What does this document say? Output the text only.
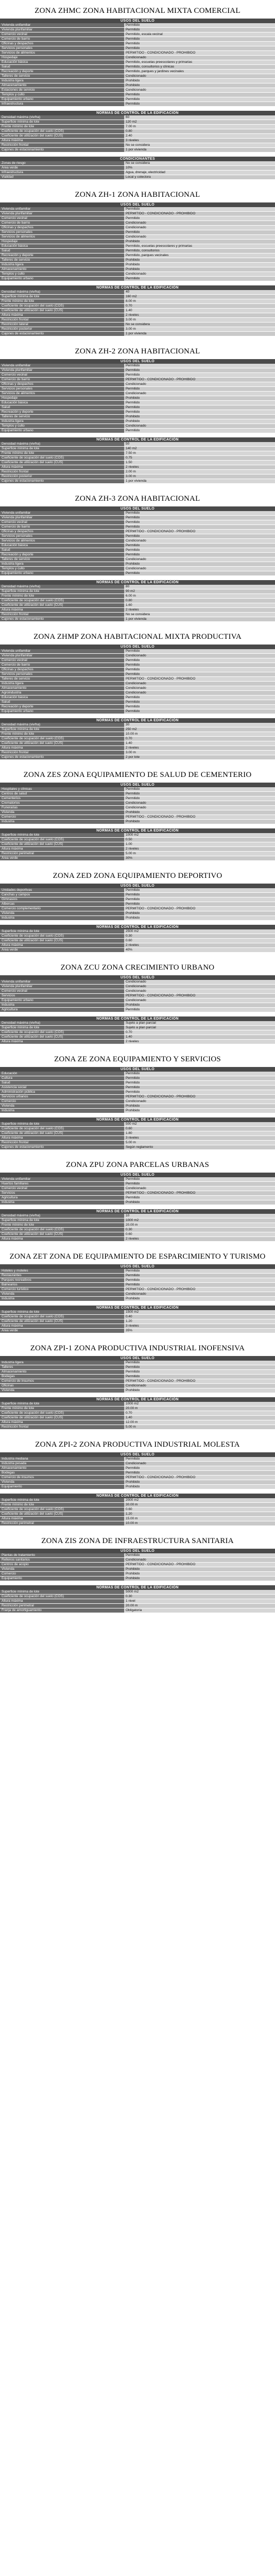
ZONA ZHMC ZONA HABITACIONAL MIXTA COMERCIAL
USOS DEL SUELO
Vivienda unifamiliar	Permitido
Vivienda plurifamiliar	Permitido
Comercio vecinal	Permitido, escala vecinal
Comercio de barrio	Permitido
Oficinas y despachos	Permitido
Servicios personales	Permitido
Servicios de alimentos	PERMITIDO - CONDICIONADO - PROHIBIDO
Hospedaje	Condicionado
Educación básica	Permitido, escuelas preescolares y primarias
Salud	Permitido, consultorios y clínicas
Recreación y deporte	Permitido, parques y jardines vecinales
Talleres de servicio	Condicionado
Industria ligera	Prohibido
Almacenamiento	Prohibido
Estaciones de servicio	Condicionado
Templos y culto	Permitido
Equipamiento urbano	Permitido
Infraestructura	Permitido
NORMAS DE CONTROL DE LA EDIFICACIÓN
Densidad máxima (viv/ha)	60
Superficie mínima de lote	120 m2
Frente mínimo de lote	7.00 m
Coeficiente de ocupación del suelo (COS)	0.80
Coeficiente de utilización del suelo (CUS)	2.40
Altura máxima	3 niveles
Restricción frontal	No se considera
Cajones de estacionamiento	1 por vivienda
CONDICIONANTES
Zonas de riesgo	No se considera
Área verde	10%
Infraestructura	Agua, drenaje, electricidad
Vialidad	Local y colectora
ZONA ZH-1 ZONA HABITACIONAL
USOS DEL SUELO
Vivienda unifamiliar	Permitido
Vivienda plurifamiliar	PERMITIDO - CONDICIONADO - PROHIBIDO
Comercio vecinal	Permitido
Comercio de barrio	Condicionado
Oficinas y despachos	Condicionado
Servicios personales	Permitido
Servicios de alimentos	Condicionado
Hospedaje	Prohibido
Educación básica	Permitido, escuelas preescolares y primarias
Salud	Permitido, consultorios
Recreación y deporte	Permitido, parques vecinales
Talleres de servicio	Prohibido
Industria ligera	Prohibido
Almacenamiento	Prohibido
Templos y culto	Condicionado
Equipamiento urbano	Permitido
NORMAS DE CONTROL DE LA EDIFICACIÓN
Densidad máxima (viv/ha)	40
Superficie mínima de lote	160 m2
Frente mínimo de lote	8.00 m
Coeficiente de ocupación del suelo (COS)	0.70
Coeficiente de utilización del suelo (CUS)	1.40
Altura máxima	2 niveles
Restricción frontal	3.00 m
Restricción lateral	No se considera
Restricción posterior	3.00 m
Cajones de estacionamiento	1 por vivienda
ZONA ZH-2 ZONA HABITACIONAL
USOS DEL SUELO
Vivienda unifamiliar	Permitido
Vivienda plurifamiliar	Permitido
Comercio vecinal	Permitido
Comercio de barrio	PERMITIDO - CONDICIONADO - PROHIBIDO
Oficinas y despachos	Condicionado
Servicios personales	Permitido
Servicios de alimentos	Condicionado
Hospedaje	Prohibido
Educación básica	Permitido
Salud	Permitido
Recreación y deporte	Permitido
Talleres de servicio	Prohibido
Industria ligera	Prohibido
Templos y culto	Condicionado
Equipamiento urbano	Permitido
NORMAS DE CONTROL DE LA EDIFICACIÓN
Densidad máxima (viv/ha)	50
Superficie mínima de lote	140 m2
Frente mínimo de lote	7.50 m
Coeficiente de ocupación del suelo (COS)	0.75
Coeficiente de utilización del suelo (CUS)	1.50
Altura máxima	2 niveles
Restricción frontal	2.00 m
Restricción posterior	3.00 m
Cajones de estacionamiento	1 por vivienda
ZONA ZH-3 ZONA HABITACIONAL
USOS DEL SUELO
Vivienda unifamiliar	Permitido
Vivienda plurifamiliar	Permitido
Comercio vecinal	Permitido
Comercio de barrio	Permitido
Oficinas y despachos	PERMITIDO - CONDICIONADO - PROHIBIDO
Servicios personales	Permitido
Servicios de alimentos	Condicionado
Educación básica	Permitido
Salud	Permitido
Recreación y deporte	Permitido
Talleres de servicio	Condicionado
Industria ligera	Prohibido
Templos y culto	Condicionado
Equipamiento urbano	Permitido
NORMAS DE CONTROL DE LA EDIFICACIÓN
Densidad máxima (viv/ha)	80
Superficie mínima de lote	90 m2
Frente mínimo de lote	6.00 m
Coeficiente de ocupación del suelo (COS)	0.80
Coeficiente de utilización del suelo (CUS)	1.60
Altura máxima	2 niveles
Restricción frontal	No se considera
Cajones de estacionamiento	1 por vivienda
ZONA ZHMP ZONA HABITACIONAL MIXTA PRODUCTIVA
USOS DEL SUELO
Vivienda unifamiliar	Permitido
Vivienda plurifamiliar	Condicionado
Comercio vecinal	Permitido
Comercio de barrio	Permitido
Oficinas y despachos	Permitido
Servicios personales	Permitido
Talleres de servicio	PERMITIDO - CONDICIONADO - PROHIBIDO
Industria ligera	Condicionado
Almacenamiento	Condicionado
Agroindustria	Condicionado
Educación básica	Permitido
Salud	Permitido
Recreación y deporte	Permitido
Equipamiento urbano	Permitido
NORMAS DE CONTROL DE LA EDIFICACIÓN
Densidad máxima (viv/ha)	30
Superficie mínima de lote	250 m2
Frente mínimo de lote	10.00 m
Coeficiente de ocupación del suelo (COS)	0.70
Coeficiente de utilización del suelo (CUS)	1.40
Altura máxima	2 niveles
Restricción frontal	3.00 m
Cajones de estacionamiento	2 por lote
ZONA ZES ZONA EQUIPAMIENTO DE SALUD DE CEMENTERIO
USOS DEL SUELO
Hospitales y clínicas	Permitido
Centros de salud	Permitido
Cementerios	Permitido
Crematorios	Condicionado
Funerarias	Condicionado
Vivienda	Prohibido
Comercio	PERMITIDO - CONDICIONADO - PROHIBIDO
Industria	Prohibido
NORMAS DE CONTROL DE LA EDIFICACIÓN
Superficie mínima de lote	1000 m2
Coeficiente de ocupación del suelo (COS)	0.50
Coeficiente de utilización del suelo (CUS)	1.00
Altura máxima	2 niveles
Restricción perimetral	5.00 m
Área verde	30%
ZONA ZED ZONA EQUIPAMIENTO DEPORTIVO
USOS DEL SUELO
Unidades deportivas	Permitido
Canchas y campos	Permitido
Gimnasios	Permitido
Albercas	Permitido
Comercio complementario	PERMITIDO - CONDICIONADO - PROHIBIDO
Vivienda	Prohibido
Industria	Prohibido
NORMAS DE CONTROL DE LA EDIFICACIÓN
Superficie mínima de lote	2500 m2
Coeficiente de ocupación del suelo (COS)	0.30
Coeficiente de utilización del suelo (CUS)	0.60
Altura máxima	2 niveles
Área verde	40%
ZONA ZCU ZONA CRECIMIENTO URBANO
USOS DEL SUELO
Vivienda unifamiliar	Condicionado
Vivienda plurifamiliar	Condicionado
Comercio vecinal	Condicionado
Servicios	PERMITIDO - CONDICIONADO - PROHIBIDO
Equipamiento urbano	Condicionado
Industria	Prohibido
Agricultura	Permitido
NORMAS DE CONTROL DE LA EDIFICACIÓN
Densidad máxima (viv/ha)	Sujeto a plan parcial
Superficie mínima de lote	Sujeto a plan parcial
Coeficiente de ocupación del suelo (COS)	0.70
Coeficiente de utilización del suelo (CUS)	1.40
Altura máxima	2 niveles
ZONA ZE ZONA EQUIPAMIENTO Y SERVICIOS
USOS DEL SUELO
Educación	Permitido
Cultura	Permitido
Salud	Permitido
Asistencia social	Permitido
Administración pública	Permitido
Servicios urbanos	PERMITIDO - CONDICIONADO - PROHIBIDO
Comercio	Condicionado
Vivienda	Prohibido
Industria	Prohibido
NORMAS DE CONTROL DE LA EDIFICACIÓN
Superficie mínima de lote	500 m2
Coeficiente de ocupación del suelo (COS)	0.60
Coeficiente de utilización del suelo (CUS)	1.80
Altura máxima	3 niveles
Restricción frontal	5.00 m
Cajones de estacionamiento	Según reglamento
ZONA ZPU ZONA PARCELAS URBANAS
USOS DEL SUELO
Vivienda unifamiliar	Permitido
Huertos familiares	Permitido
Comercio vecinal	Condicionado
Servicios	PERMITIDO - CONDICIONADO - PROHIBIDO
Agricultura	Permitido
Industria	Prohibido
NORMAS DE CONTROL DE LA EDIFICACIÓN
Densidad máxima (viv/ha)	10
Superficie mínima de lote	1000 m2
Frente mínimo de lote	20.00 m
Coeficiente de ocupación del suelo (COS)	0.30
Coeficiente de utilización del suelo (CUS)	0.60
Altura máxima	2 niveles
ZONA ZET ZONA DE EQUIPAMIENTO DE ESPARCIMIENTO Y TURISMO
USOS DEL SUELO
Hoteles y moteles	Permitido
Restaurantes	Permitido
Parques recreativos	Permitido
Balnearios	Permitido
Comercio turístico	PERMITIDO - CONDICIONADO - PROHIBIDO
Vivienda	Condicionado
Industria	Prohibido
NORMAS DE CONTROL DE LA EDIFICACIÓN
Superficie mínima de lote	1500 m2
Coeficiente de ocupación del suelo (COS)	0.40
Coeficiente de utilización del suelo (CUS)	1.20
Altura máxima	3 niveles
Área verde	35%
ZONA ZPI-1 ZONA PRODUCTIVA INDUSTRIAL INOFENSIVA
USOS DEL SUELO
Industria ligera	Permitido
Talleres	Permitido
Almacenamiento	Permitido
Bodegas	Permitido
Comercio de insumos	PERMITIDO - CONDICIONADO - PROHIBIDO
Oficinas	Condicionado
Vivienda	Prohibido
NORMAS DE CONTROL DE LA EDIFICACIÓN
Superficie mínima de lote	1000 m2
Frente mínimo de lote	20.00 m
Coeficiente de ocupación del suelo (COS)	0.70
Coeficiente de utilización del suelo (CUS)	1.40
Altura máxima	12.00 m
Restricción frontal	5.00 m
ZONA ZPI-2 ZONA PRODUCTIVA INDUSTRIAL MOLESTA
USOS DEL SUELO
Industria mediana	Permitido
Industria pesada	Condicionado
Almacenamiento	Permitido
Bodegas	Permitido
Comercio de insumos	PERMITIDO - CONDICIONADO - PROHIBIDO
Vivienda	Prohibido
Equipamiento	Prohibido
NORMAS DE CONTROL DE LA EDIFICACIÓN
Superficie mínima de lote	2000 m2
Frente mínimo de lote	30.00 m
Coeficiente de ocupación del suelo (COS)	0.60
Coeficiente de utilización del suelo (CUS)	1.20
Altura máxima	15.00 m
Restricción perimetral	10.00 m
ZONA ZIS ZONA DE INFRAESTRUCTURA SANITARIA
USOS DEL SUELO
Plantas de tratamiento	Permitido
Rellenos sanitarios	Condicionado
Centros de acopio	PERMITIDO - CONDICIONADO - PROHIBIDO
Vivienda	Prohibido
Comercio	Prohibido
Equipamiento	Prohibido
NORMAS DE CONTROL DE LA EDIFICACIÓN
Superficie mínima de lote	5000 m2
Coeficiente de ocupación del suelo (COS)	0.30
Altura máxima	1 nivel
Restricción perimetral	20.00 m
Franja de amortiguamiento	Obligatoria
